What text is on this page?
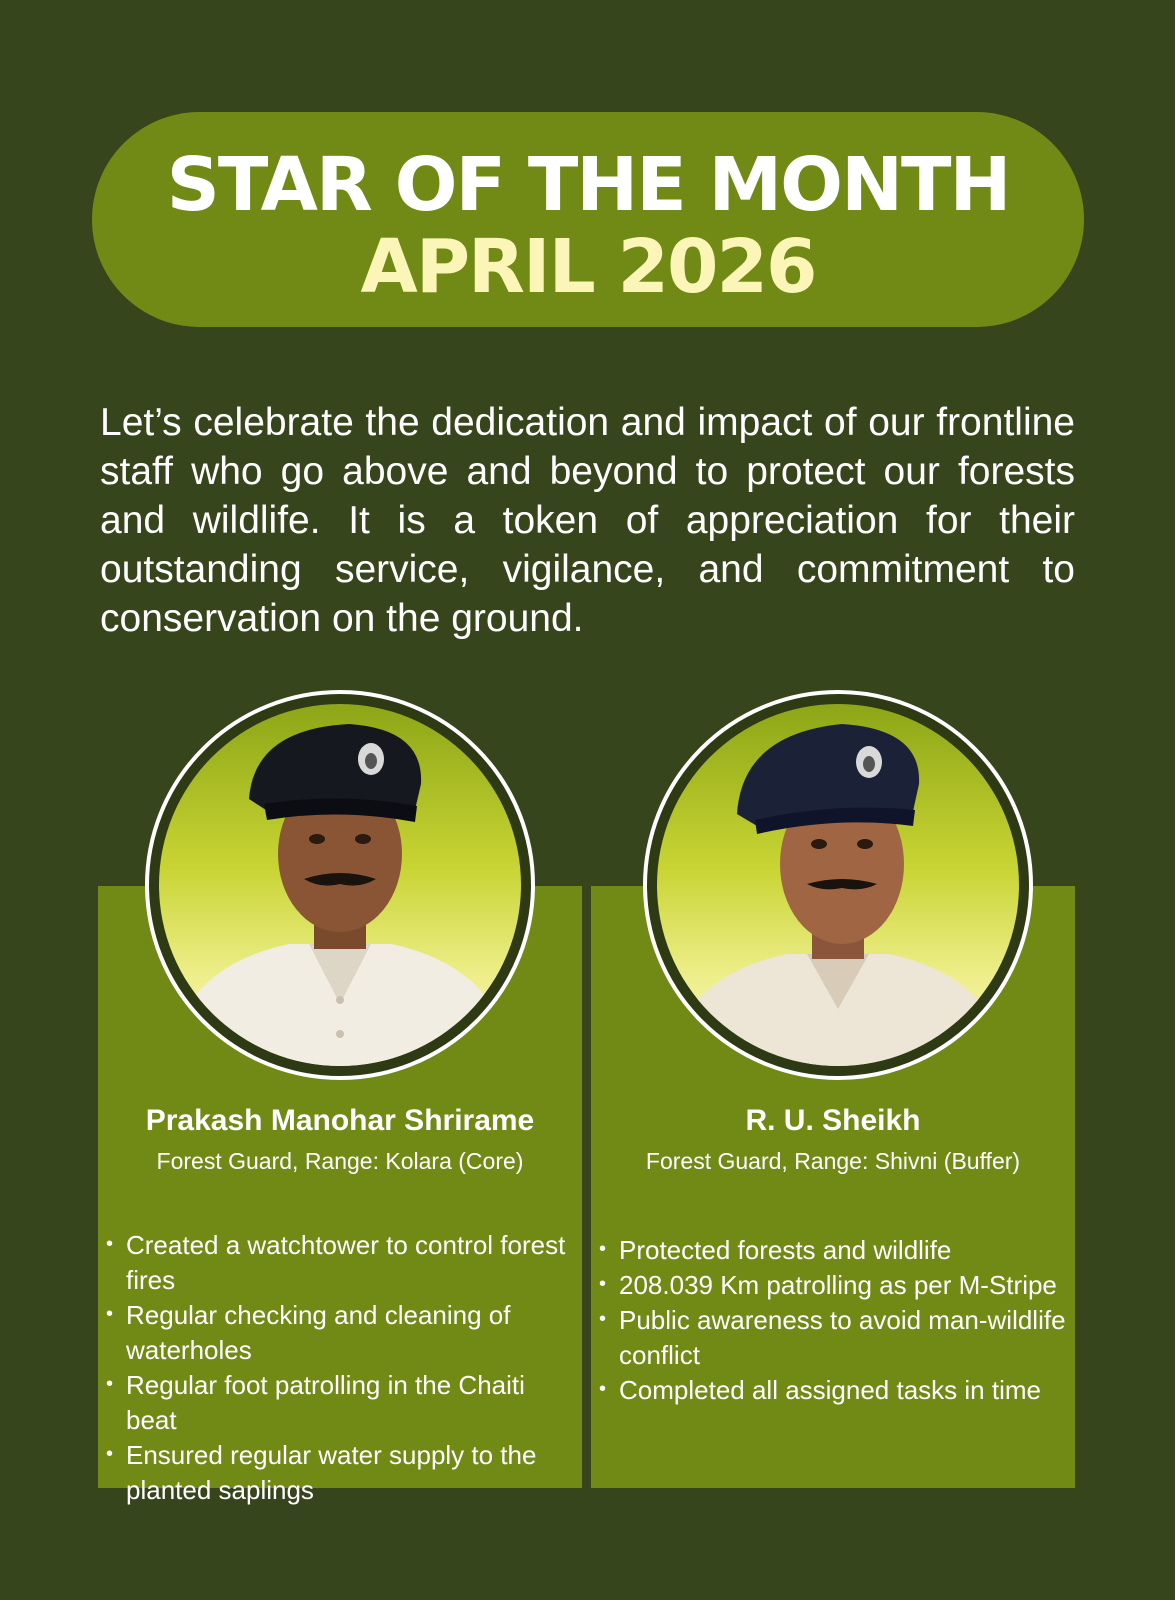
STAR OF THE MONTH
APRIL 2026
Let’s celebrate the dedication and impact of our frontline staff who go above and beyond to protect our forests and wildlife. It is a token of appreciation for their outstanding service, vigilance, and commitment to conservation on the ground.
Prakash Manohar Shrirame
Forest Guard, Range: Kolara (Core)
• Created a watchtower to control forest fires
• Regular checking and cleaning of waterholes
• Regular foot patrolling in the Chaiti beat
• Ensured regular water supply to the planted saplings
R. U. Sheikh
Forest Guard, Range: Shivni (Buffer)
• Protected forests and wildlife
• 208.039 Km patrolling as per M-Stripe
• Public awareness to avoid man-wildlife conflict
• Completed all assigned tasks in time
